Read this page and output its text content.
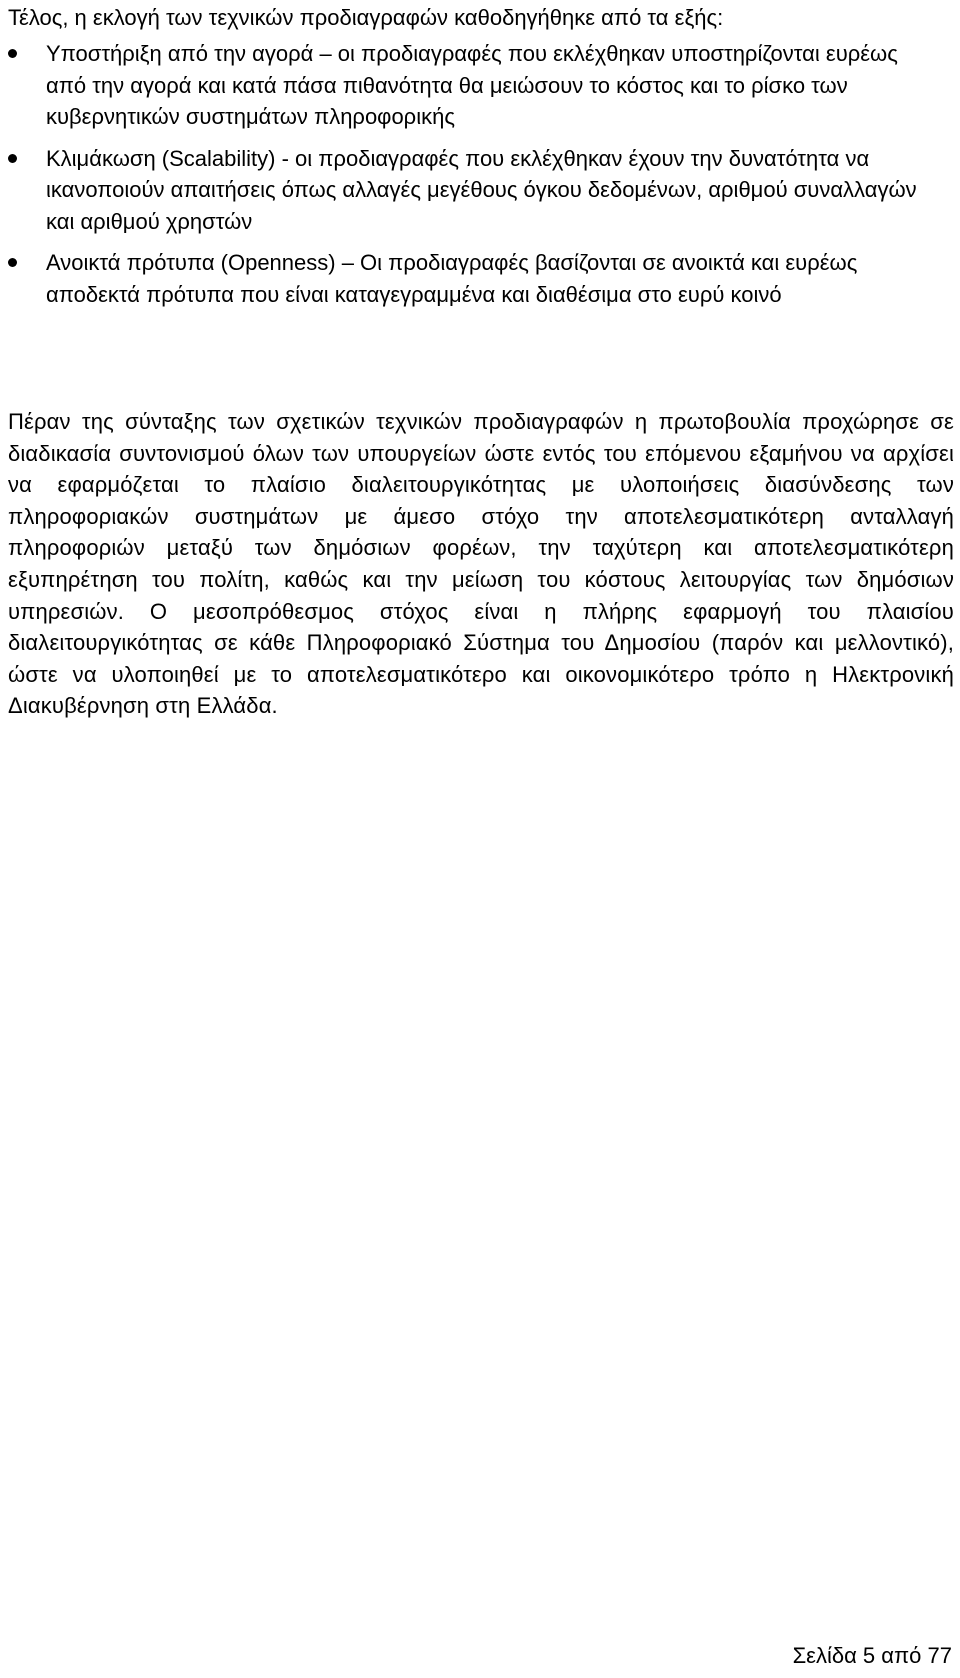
Τέλος, η εκλογή των τεχνικών προδιαγραφών καθοδηγήθηκε από τα εξής:
Υποστήριξη από την αγορά – οι προδιαγραφές που εκλέχθηκαν υποστηρίζονται ευρέως από την αγορά και κατά πάσα πιθανότητα θα μειώσουν το κόστος και το ρίσκο των κυβερνητικών συστημάτων πληροφορικής
Κλιμάκωση (Scalability) - οι προδιαγραφές που εκλέχθηκαν έχουν την δυνατότητα να ικανοποιούν απαιτήσεις όπως αλλαγές μεγέθους όγκου δεδομένων, αριθμού συναλλαγών και αριθμού χρηστών
Ανοικτά πρότυπα (Openness) – Οι προδιαγραφές βασίζονται σε ανοικτά και ευρέως αποδεκτά πρότυπα που είναι καταγεγραμμένα και διαθέσιμα στο ευρύ κοινό
Πέραν της σύνταξης των σχετικών τεχνικών προδιαγραφών η πρωτοβουλία προχώρησε σε διαδικασία συντονισμού όλων των υπουργείων ώστε εντός του επόμενου εξαμήνου να αρχίσει να εφαρμόζεται το πλαίσιο διαλειτουργικότητας με υλοποιήσεις διασύνδεσης των πληροφοριακών συστημάτων με άμεσο στόχο την αποτελεσματικότερη ανταλλαγή πληροφοριών μεταξύ των δημόσιων φορέων, την ταχύτερη και αποτελεσματικότερη εξυπηρέτηση του πολίτη, καθώς και την μείωση του κόστους λειτουργίας των δημόσιων υπηρεσιών. Ο μεσοπρόθεσμος στόχος είναι η πλήρης εφαρμογή του πλαισίου διαλειτουργικότητας σε κάθε Πληροφοριακό Σύστημα του Δημοσίου (παρόν και μελλοντικό), ώστε να υλοποιηθεί με το αποτελεσματικότερο και οικονομικότερο τρόπο η Ηλεκτρονική Διακυβέρνηση στη Ελλάδα.
Σελίδα 5 από 77
